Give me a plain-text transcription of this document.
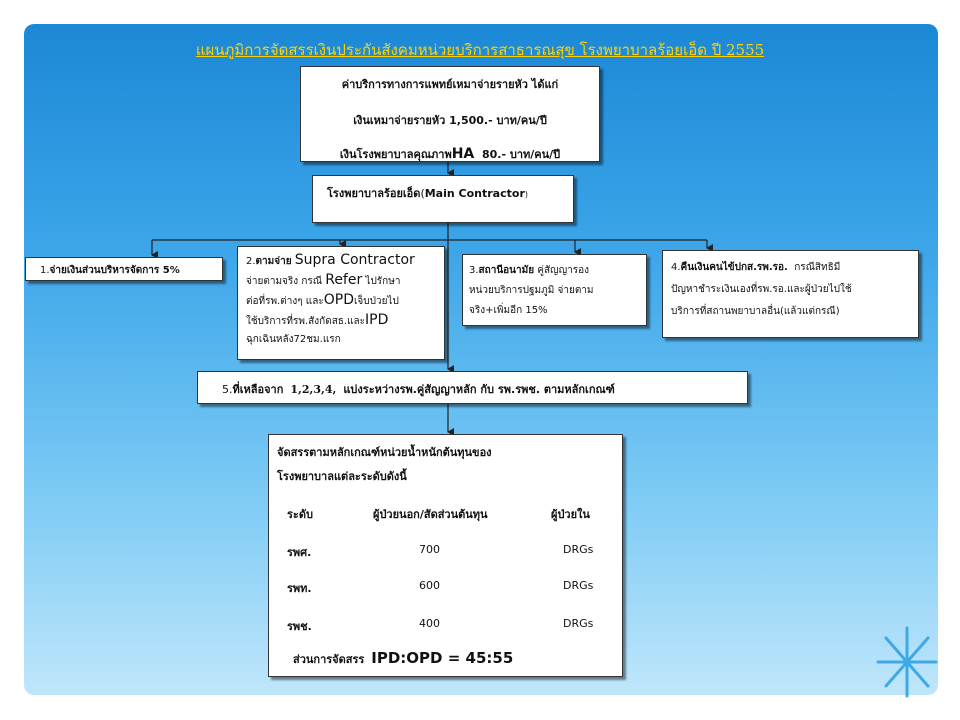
แผนภูมิการจัดสรรเงินประกันสังคมหน่วยบริการสาธารณสุข โรงพยาบาลร้อยเอ็ด ปี 2555
ค่าบริการทางการแพทย์เหมาจ่ายรายหัว ได้แก่
เงินเหมาจ่ายรายหัว 1,500.- บาท/คน/ปี
เงินโรงพยาบาลคุณภาพHA 80.- บาท/คน/ปี
โรงพยาบาลร้อยเอ็ด(Main Contractor)
1.จ่ายเงินส่วนบริหารจัดการ 5%
2.ตามจ่าย Supra Contractor
จ่ายตามจริง กรณี Refer ไปรักษา
ต่อที่รพ.ต่างๆ และOPDเจ็บป่วยไป
ใช้บริการที่รพ.สังกัดสธ.และIPD
ฉุกเฉินหลัง72ชม.แรก
3.สถานีอนามัย คู่สัญญารอง
หน่วยบริการปฐมภูมิ จ่ายตาม
จริง+เพิ่มอีก 15%
4.คืนเงินคนไข้ปกส.รพ.รอ. กรณีสิทธิมี
ปัญหาชำระเงินเองที่รพ.รอ.และผู้ป่วยไปใช้
บริการที่สถานพยาบาลอื่น(แล้วแต่กรณี)
5.ที่เหลือจาก 1,2,3,4, แบ่งระหว่างรพ.คู่สัญญาหลัก กับ รพ.รพช. ตามหลักเกณฑ์
จัดสรรตามหลักเกณฑ์หน่วยน้ำหนักต้นทุนของ
โรงพยาบาลแต่ละระดับดังนี้
ระดับ	ผู้ป่วยนอก/สัดส่วนต้นทุน	ผู้ป่วยใน
รพศ.	700	DRGs
รพท.	600	DRGs
รพช.	400	DRGs
ส่วนการจัดสรร IPD:OPD = 45:55
